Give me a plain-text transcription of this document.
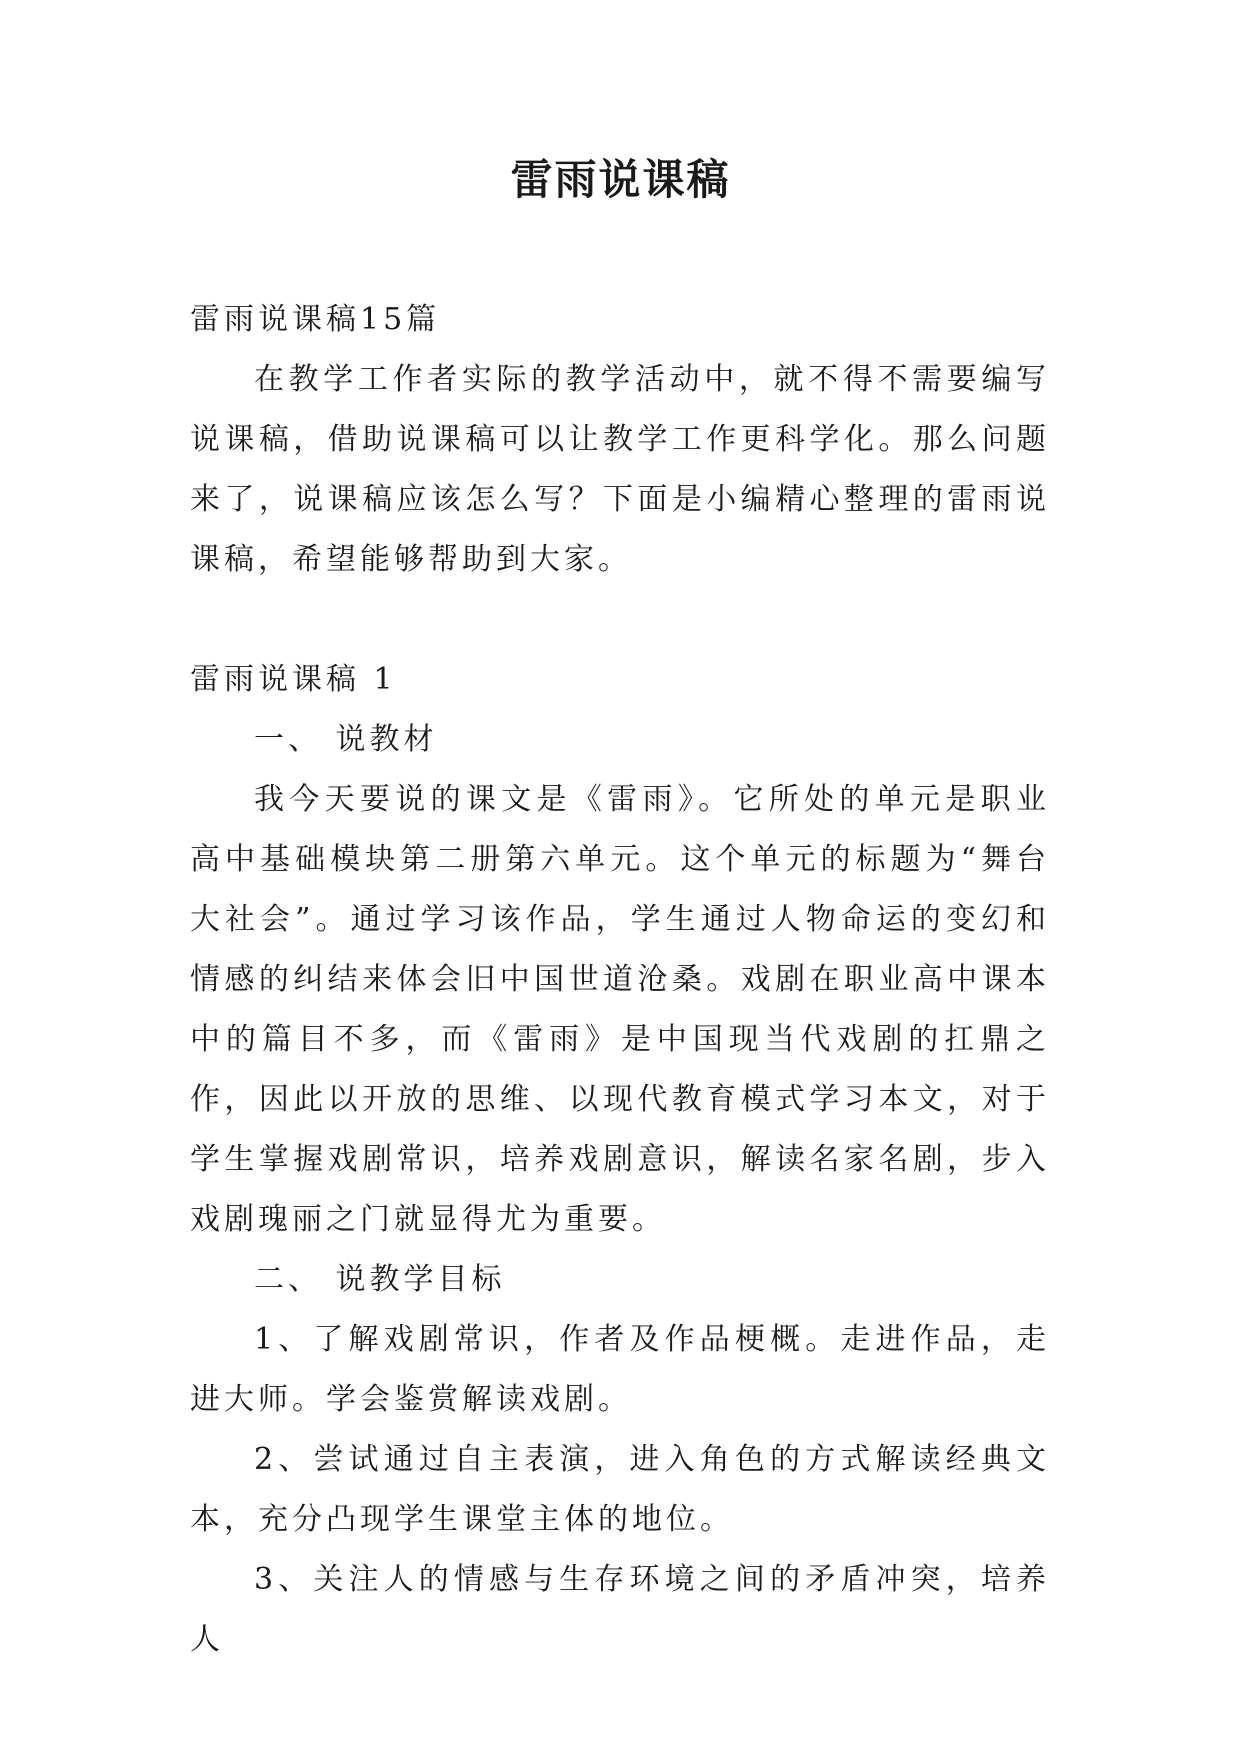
雷雨说课稿

雷雨说课稿15篇

在教学工作者实际的教学活动中，就不得不需要编写说课稿，借助说课稿可以让教学工作更科学化。那么问题来了，说课稿应该怎么写？下面是小编精心整理的雷雨说课稿，希望能够帮助到大家。

雷雨说课稿 1

一、 说教材

我今天要说的课文是《雷雨》。它所处的单元是职业高中基础模块第二册第六单元。这个单元的标题为“舞台大社会”。通过学习该作品，学生通过人物命运的变幻和情感的纠结来体会旧中国世道沧桑。戏剧在职业高中课本中的篇目不多，而《雷雨》是中国现当代戏剧的扛鼎之作，因此以开放的思维、以现代教育模式学习本文，对于学生掌握戏剧常识，培养戏剧意识，解读名家名剧，步入戏剧瑰丽之门就显得尤为重要。

二、 说教学目标

1、了解戏剧常识，作者及作品梗概。走进作品，走进大师。学会鉴赏解读戏剧。

2、尝试通过自主表演，进入角色的方式解读经典文本，充分凸现学生课堂主体的地位。

3、关注人的情感与生存环境之间的矛盾冲突，培养人
